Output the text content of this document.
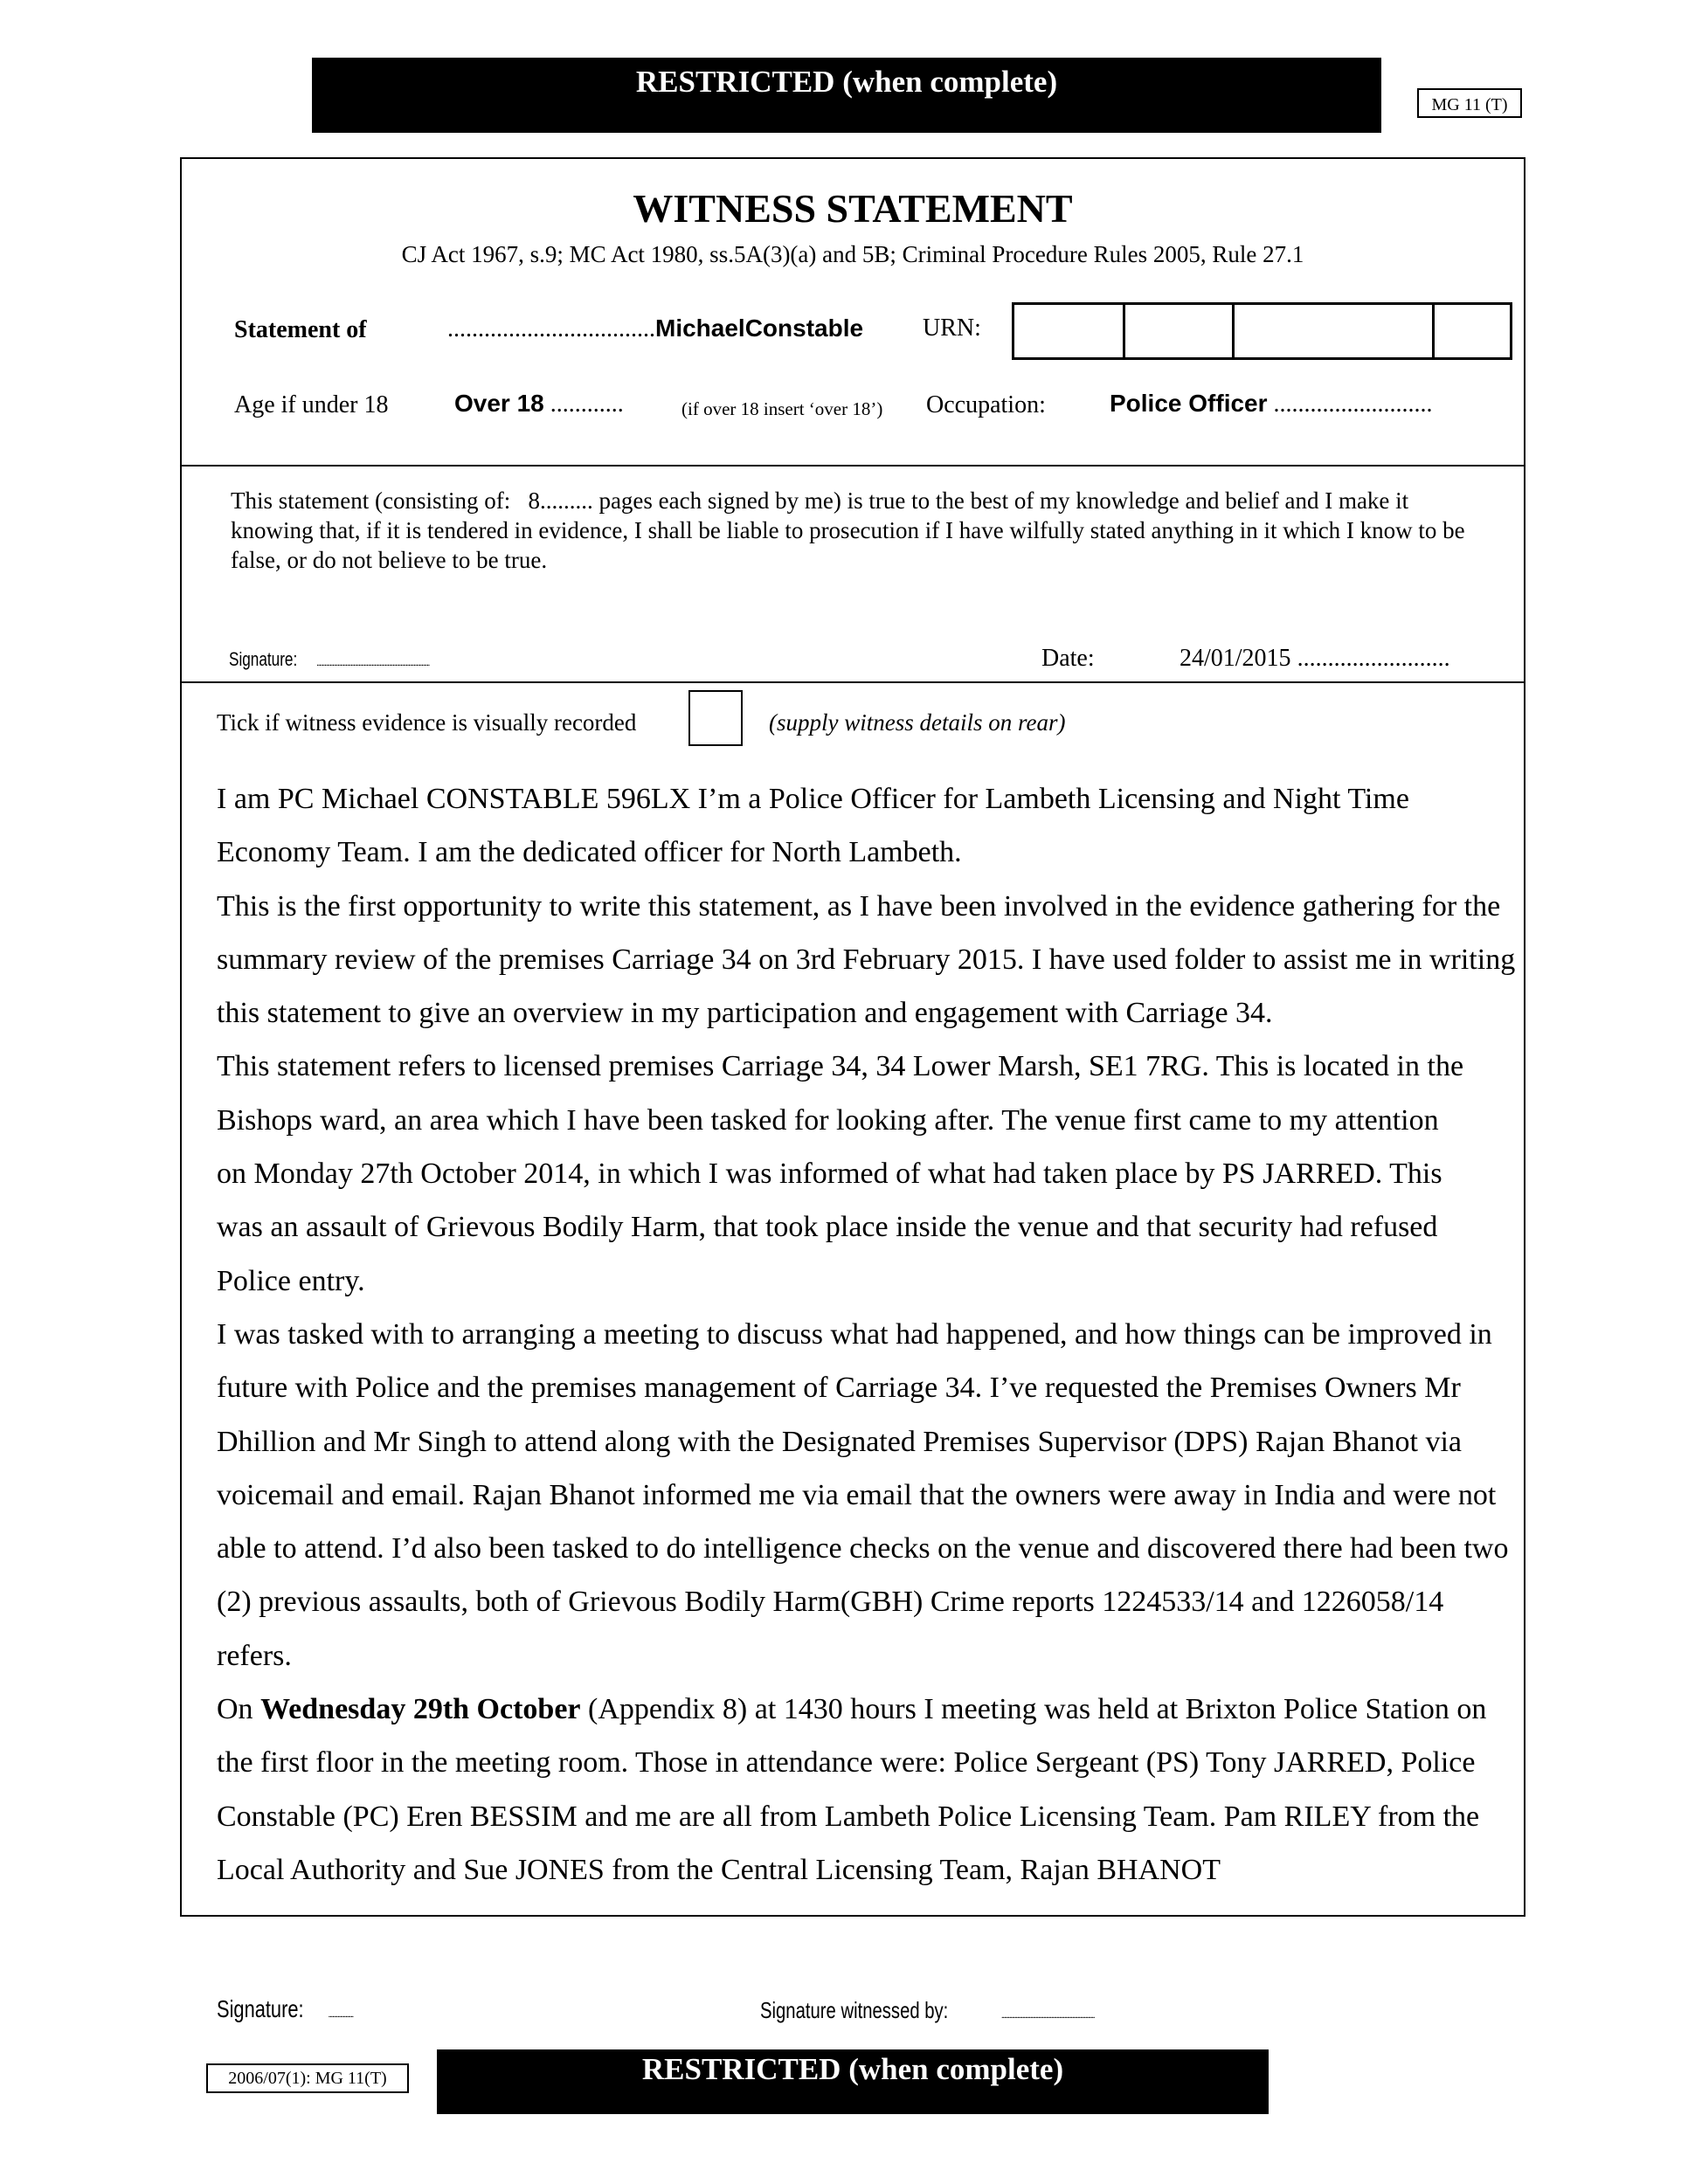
RESTRICTED (when complete)
MG 11 (T)
WITNESS STATEMENT
CJ Act 1967, s.9; MC Act 1980, ss.5A(3)(a) and 5B; Criminal Procedure Rules 2005, Rule 27.1
Statement of	..................................MichaelConstable URN:
Age if under 18	Over 18 ............	(if over 18 insert ‘over 18’) Occupation:	Police Officer ..........................
This statement (consisting of: 8......... pages each signed by me) is true to the best of my knowledge and belief and I make it knowing that, if it is tendered in evidence, I shall be liable to prosecution if I have wilfully stated anything in it which I know to be false, or do not believe to be true.
Signature: ......................................................................................	Date:	24/01/2015 .........................
Tick if witness evidence is visually recorded	(supply witness details on rear)

I am PC Michael CONSTABLE 596LX I’m a Police Officer for Lambeth Licensing and Night Time Economy Team. I am the dedicated officer for North Lambeth.

This is the first opportunity to write this statement, as I have been involved in the evidence gathering for the summary review of the premises Carriage 34 on 3rd February 2015. I have used folder to assist me in writing this statement to give an overview in my participation and engagement with Carriage 34.

This statement refers to licensed premises Carriage 34, 34 Lower Marsh, SE1 7RG. This is located in the Bishops ward, an area which I have been tasked for looking after. The venue first came to my attention on Monday 27th October 2014, in which I was informed of what had taken place by PS JARRED. This was an assault of Grievous Bodily Harm, that took place inside the venue and that security had refused Police entry.

I was tasked with to arranging a meeting to discuss what had happened, and how things can be improved in future with Police and the premises management of Carriage 34. I’ve requested the Premises Owners Mr Dhillion and Mr Singh to attend along with the Designated Premises Supervisor (DPS) Rajan Bhanot via voicemail and email. Rajan Bhanot informed me via email that the owners were away in India and were not able to attend. I’d also been tasked to do intelligence checks on the venue and discovered there had been two (2) previous assaults, both of Grievous Bodily Harm(GBH) Crime reports 1224533/14 and 1226058/14 refers.

On Wednesday 29th October (Appendix 8) at 1430 hours I meeting was held at Brixton Police Station on the first floor in the meeting room. Those in attendance were: Police Sergeant (PS) Tony JARRED, Police Constable (PC) Eren BESSIM and me are all from Lambeth Police Licensing Team. Pam RILEY from the Local Authority and Sue JONES from the Central Licensing Team, Rajan BHANOT

Signature:	...................	Signature witnessed by:	.......................................................................
2006/07(1): MG 11(T)	RESTRICTED (when complete)
